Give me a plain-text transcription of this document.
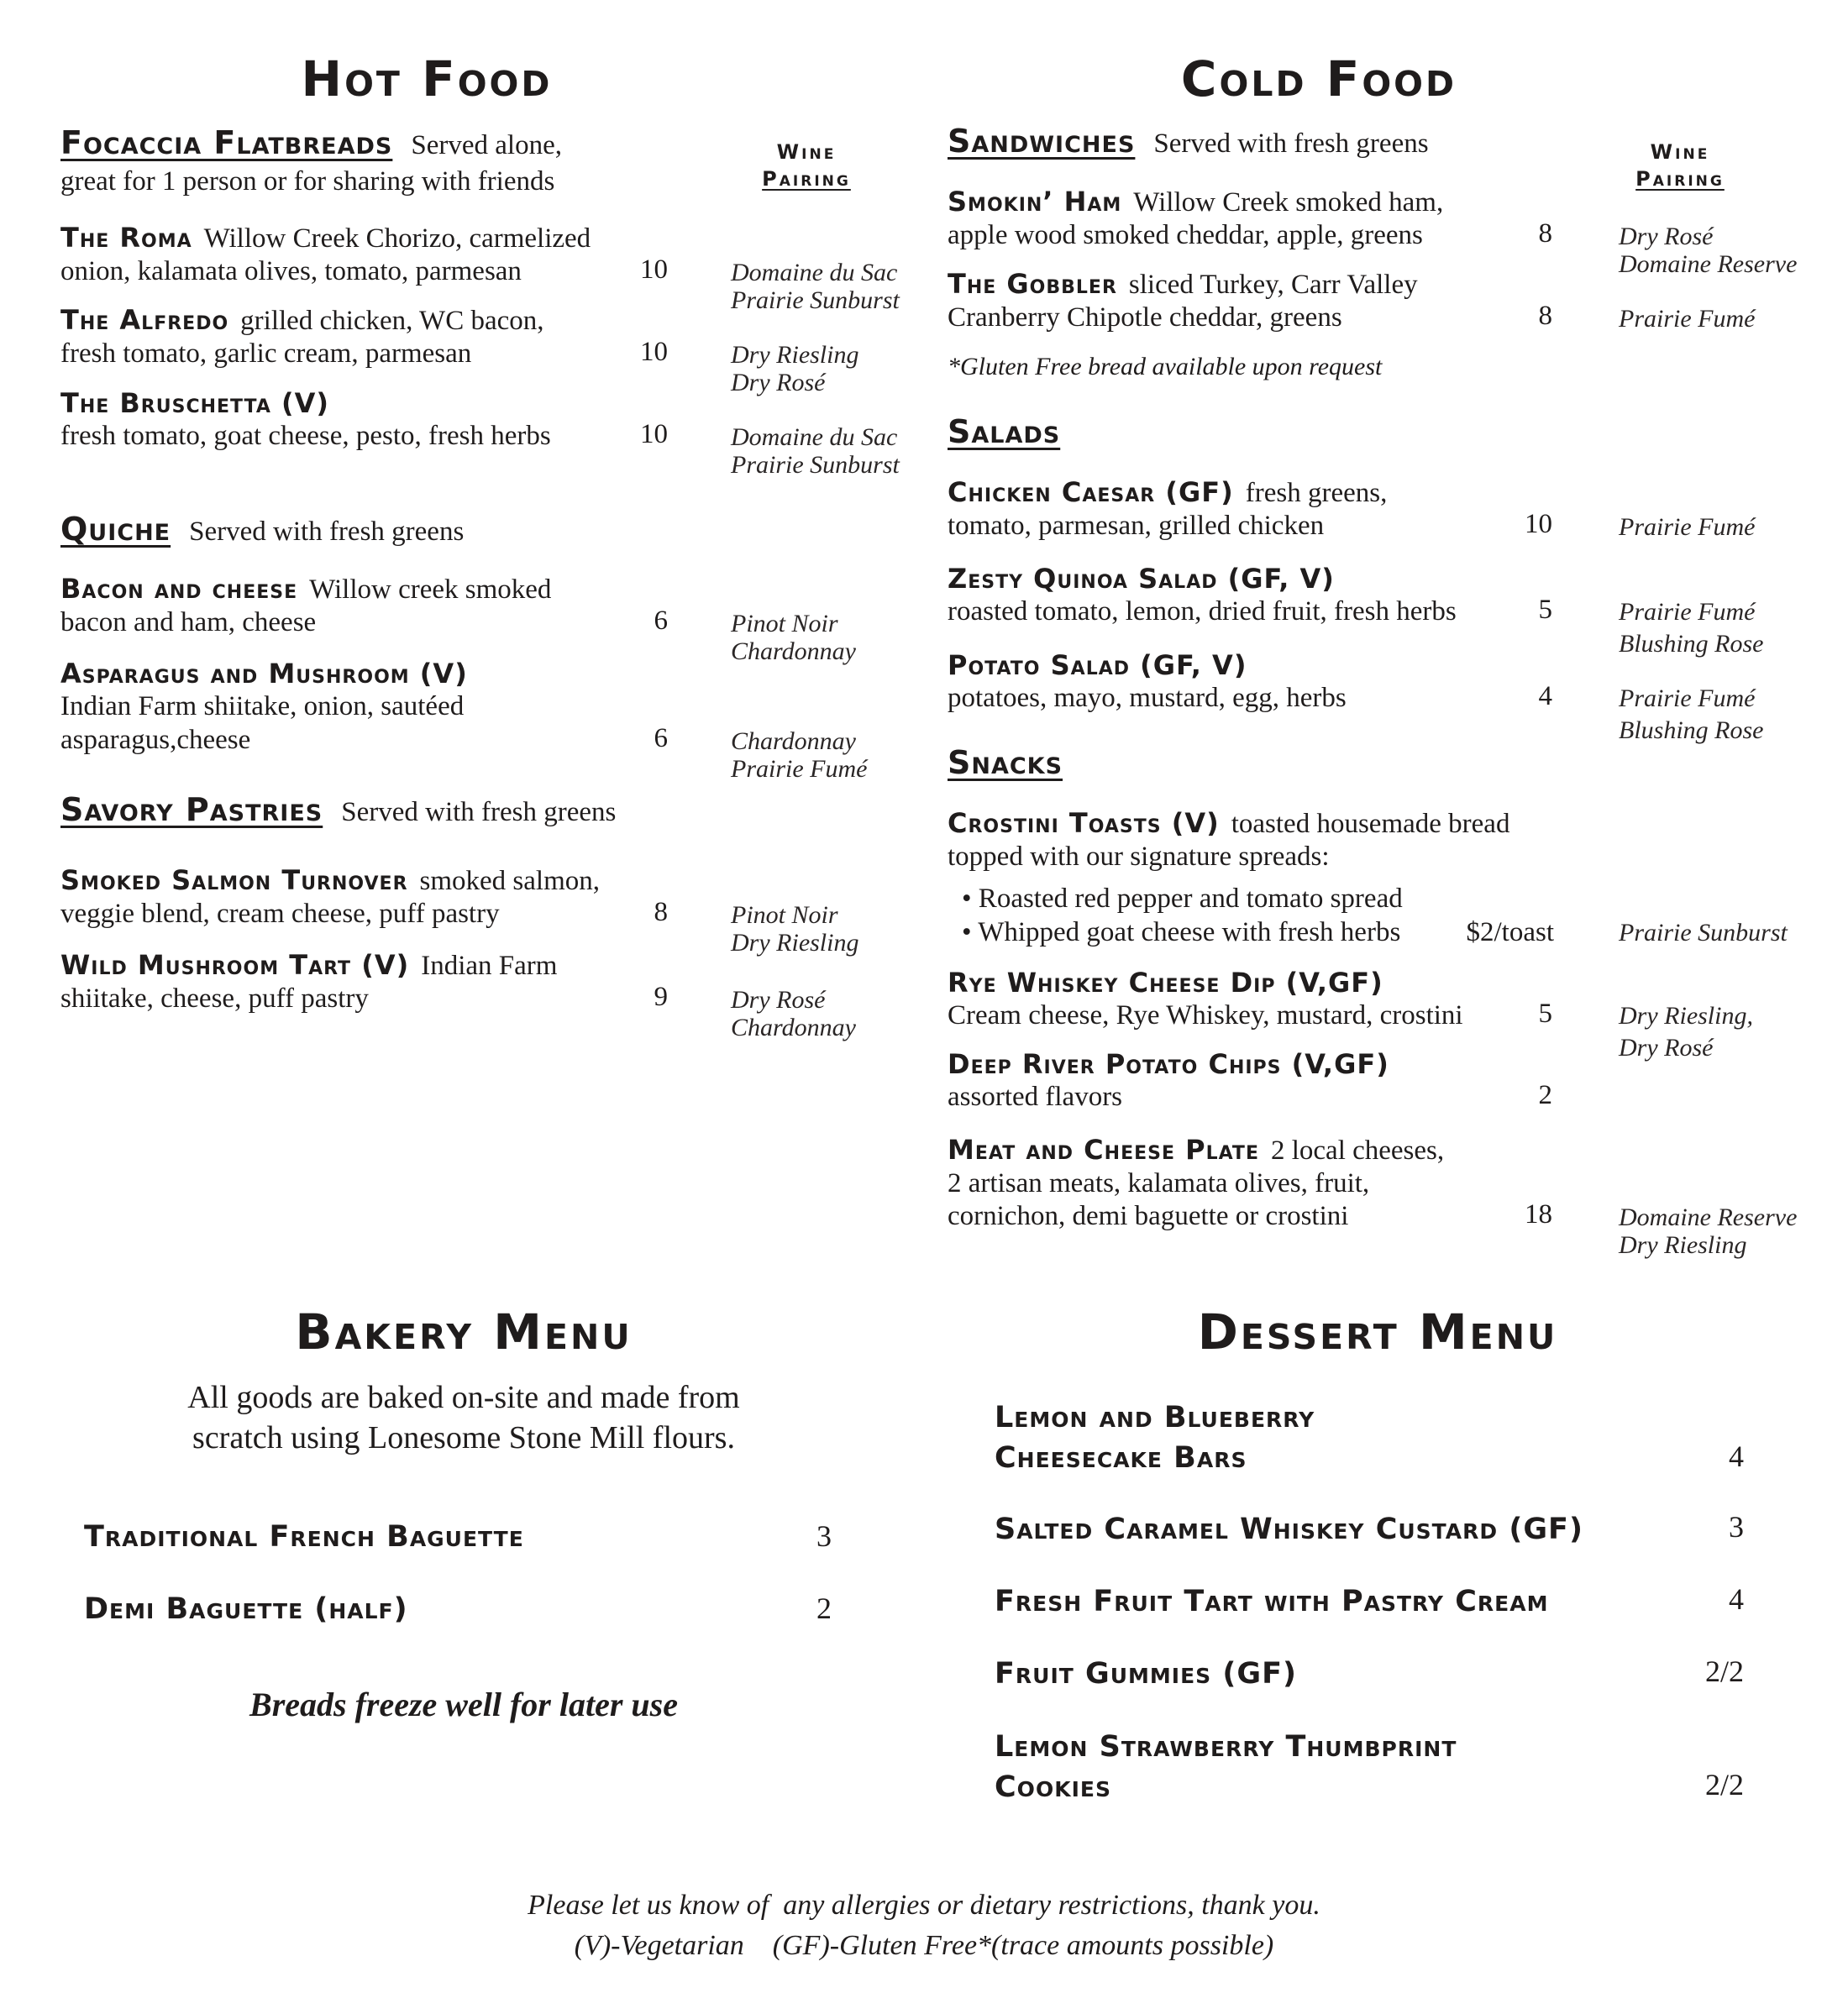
Hot Food
Wine
Pairing
Focaccia Flatbreads Served alone,
great for 1 person or for sharing with friends
The Roma Willow Creek Chorizo, carmelized
onion, kalamata olives, tomato, parmesan	10	Domaine du Sac
Prairie Sunburst
The Alfredo grilled chicken, WC bacon,
fresh tomato, garlic cream, parmesan	10	Dry Riesling
Dry Rosé
The Bruschetta (V)
fresh tomato, goat cheese, pesto, fresh herbs	10	Domaine du Sac
Prairie Sunburst
Quiche Served with fresh greens
Bacon and cheese Willow creek smoked
bacon and ham, cheese	6	Pinot Noir
Chardonnay
Asparagus and Mushroom (V)
Indian Farm shiitake, onion, sautéed
asparagus,cheese	6	Chardonnay
Prairie Fumé
Savory Pastries Served with fresh greens
Smoked Salmon Turnover smoked salmon,
veggie blend, cream cheese, puff pastry	8	Pinot Noir
Dry Riesling
Wild Mushroom Tart (V) Indian Farm
shiitake, cheese, puff pastry	9	Dry Rosé
Chardonnay
Cold Food
Wine
Pairing
Sandwiches Served with fresh greens
Smokin’ Ham Willow Creek smoked ham,
apple wood smoked cheddar, apple, greens	8	Dry Rosé
Domaine Reserve
The Gobbler sliced Turkey, Carr Valley
Cranberry Chipotle cheddar, greens	8	Prairie Fumé
*Gluten Free bread available upon request
Salads
Chicken Caesar (GF) fresh greens,
tomato, parmesan, grilled chicken	10	Prairie Fumé
Zesty Quinoa Salad (GF, V)
roasted tomato, lemon, dried fruit, fresh herbs	5	Prairie Fumé
Blushing Rose
Potato Salad (GF, V)
potatoes, mayo, mustard, egg, herbs	4	Prairie Fumé
Blushing Rose
Snacks
Crostini Toasts (V) toasted housemade bread
topped with our signature spreads:
• Roasted red pepper and tomato spread
• Whipped goat cheese with fresh herbs	$2/toast	Prairie Sunburst
Rye Whiskey Cheese Dip (V,GF)
Cream cheese, Rye Whiskey, mustard, crostini	5	Dry Riesling,
Dry Rosé
Deep River Potato Chips (V,GF)
assorted flavors	2
Meat and Cheese Plate 2 local cheeses,
2 artisan meats, kalamata olives, fruit,
cornichon, demi baguette or crostini	18	Domaine Reserve
Dry Riesling
Bakery Menu
All goods are baked on-site and made from
scratch using Lonesome Stone Mill flours.
Traditional French Baguette	3
Demi Baguette (half)	2
Breads freeze well for later use
Dessert Menu
Lemon and Blueberry
Cheesecake Bars	4
Salted Caramel Whiskey Custard (GF)	3
Fresh Fruit Tart with Pastry Cream	4
Fruit Gummies (GF)	2/2
Lemon Strawberry Thumbprint
Cookies	2/2
Please let us know of  any allergies or dietary restrictions, thank you.
(V)-Vegetarian    (GF)-Gluten Free*(trace amounts possible)
